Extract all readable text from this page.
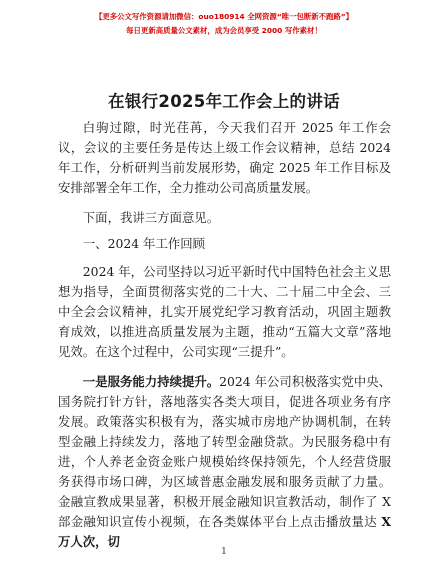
【更多公文写作资源请加微信：ouo180914 全网资源“唯一包断新不跑路”】
每日更新高质量公文素材，成为会员享受 2000 写作素材！
在银行2025年工作会上的讲话

白驹过隙，时光荏苒，今天我们召开 2025 年工作会议，会议的主要任务是传达上级工作会议精神，总结 2024 年工作，分析研判当前发展形势，确定 2025 年工作目标及安排部署全年工作，全力推动公司高质量发展。

下面，我讲三方面意见。

一、2024 年工作回顾

2024 年，公司坚持以习近平新时代中国特色社会主义思想为指导，全面贯彻落实党的二十大、二十届二中全会、三中全会会议精神，扎实开展党纪学习教育活动，巩固主题教育成效，以推进高质量发展为主题，推动“五篇大文章”落地见效。在这个过程中，公司实现“三提升”。

一是服务能力持续提升。2024 年公司积极落实党中央、国务院打针方针，落地落实各类大项目，促进各项业务有序发展。政策落实积极有为，落实城市房地产协调机制，在转型金融上持续发力，落地了转型金融贷款。为民服务稳中有进，个人养老金资金账户规模始终保持领先，个人经营贷服务获得市场口碑，为区域普惠金融发展和服务贡献了力量。金融宣教成果显著，积极开展金融知识宣教活动，制作了 X 部金融知识宣传小视频，在各类媒体平台上点击播放量达 X 万人次，切

1
